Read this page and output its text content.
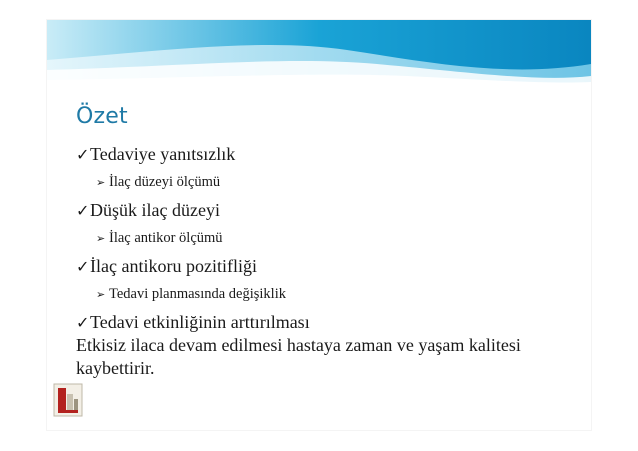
Özet
✓Tedaviye yanıtsızlık
➢ İlaç düzeyi ölçümü
✓Düşük ilaç düzeyi
➢ İlaç antikor ölçümü
✓İlaç antikoru pozitifliği
➢ Tedavi planmasında değişiklik
✓Tedavi etkinliğinin arttırılması

Etkisiz ilaca devam edilmesi hastaya zaman ve yaşam kalitesi kaybettirir.
